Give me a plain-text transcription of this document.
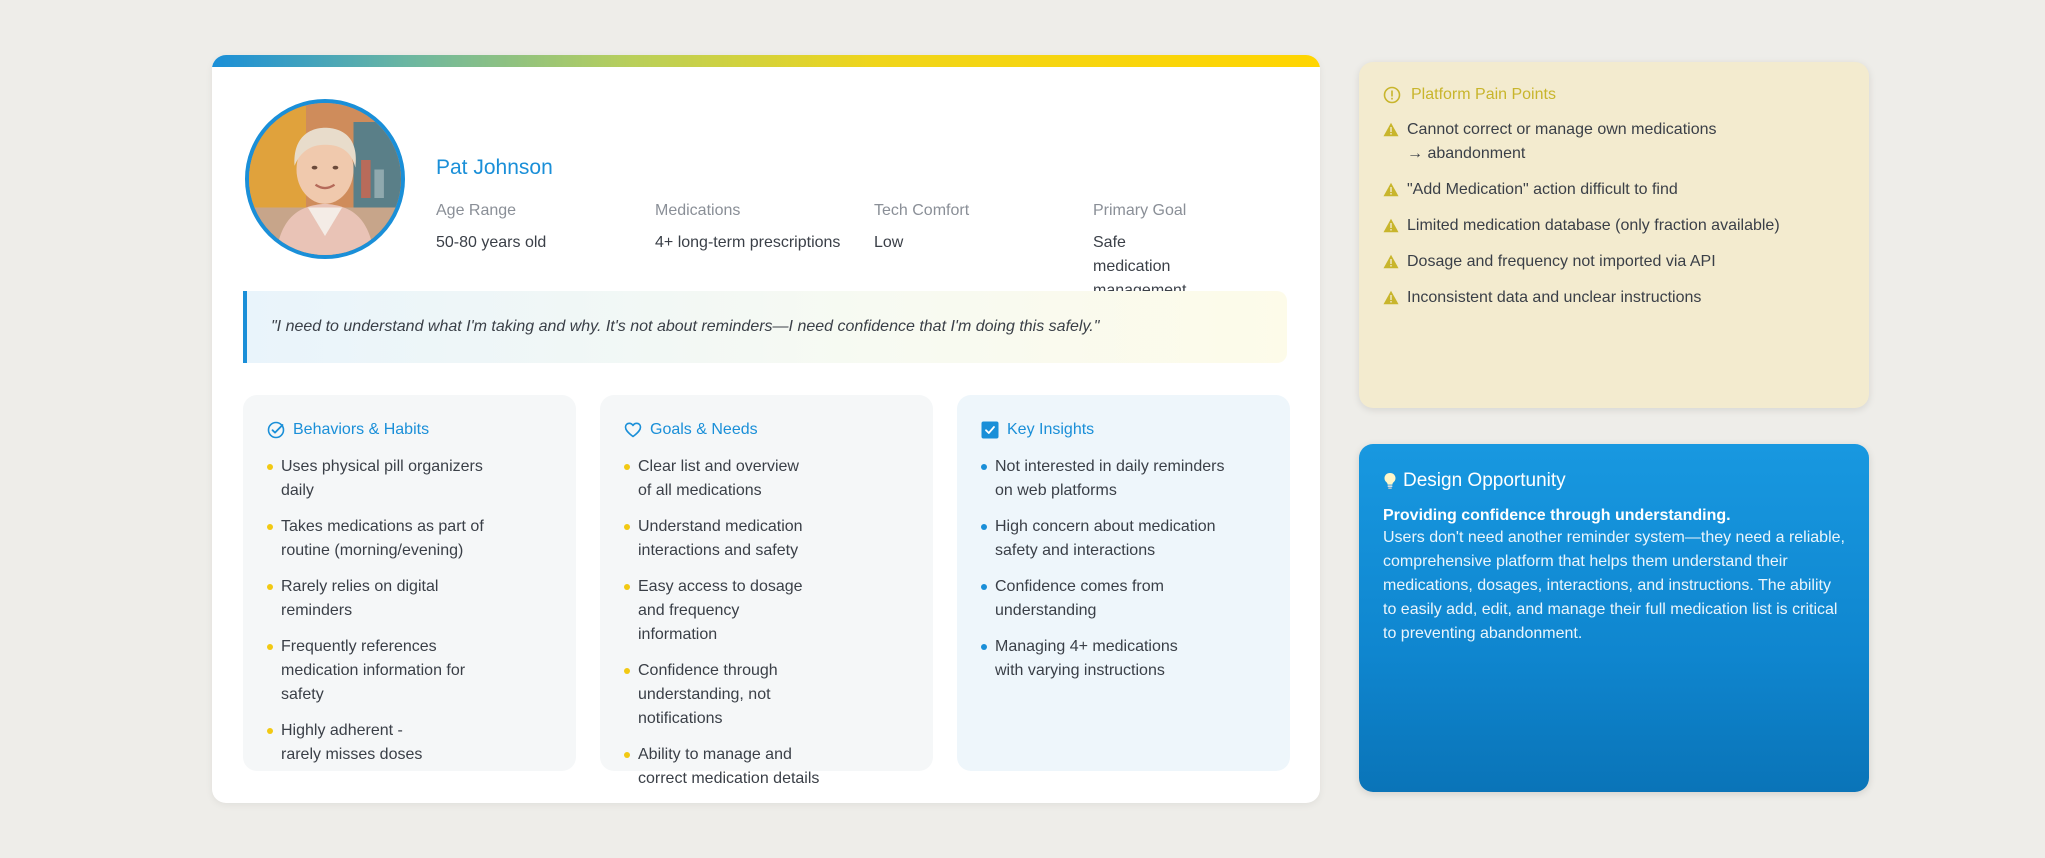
Pat Johnson
Age Range
50-80 years old
Medications
4+ long-term prescriptions
Tech Comfort
Low
Primary Goal
Safe medication
"I need to understand what I'm taking and why. It's not about reminders—I need confidence that I'm doing this safely."
Behaviors & Habits
Uses physical pill organizers daily
Takes medications as part of routine (morning/evening)
Rarely relies on digital reminders
Frequently references medication information for safety
Highly adherent - rarely misses doses
Goals & Needs
Clear list and overview of all medications
Understand medication interactions and safety
Easy access to dosage and frequency information
Confidence through understanding, not notifications
Ability to manage and correct medication details
Key Insights
Not interested in daily reminders on web platforms
High concern about medication safety and interactions
Confidence comes from understanding
Managing 4+ medications with varying instructions
Platform Pain Points
Cannot correct or manage own medications
→ abandonment
"Add Medication" action difficult to find
Limited medication database (only fraction available)
Dosage and frequency not imported via API
Inconsistent data and unclear instructions
Design Opportunity
Providing confidence through understanding.
Users don't need another reminder system—they need a reliable, comprehensive platform that helps them understand their medications, dosages, interactions, and instructions. The ability to easily add, edit, and manage their full medication list is critical to preventing abandonment.
